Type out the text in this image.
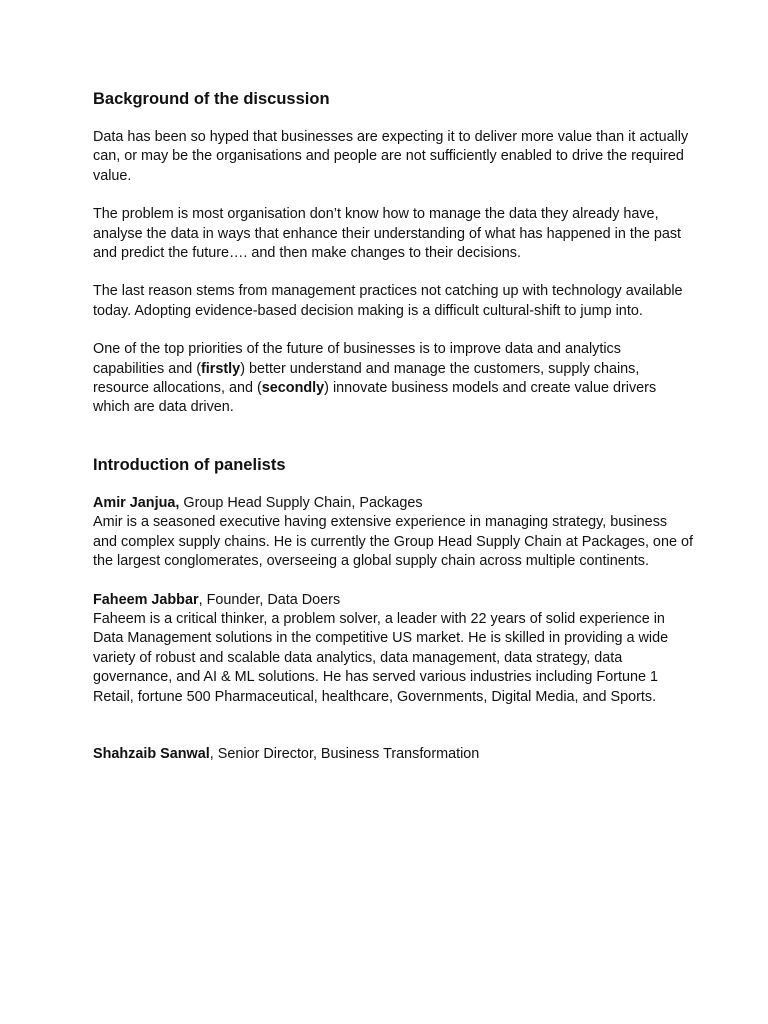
Background of the discussion

Data has been so hyped that businesses are expecting it to deliver more value than it actually can, or may be the organisations and people are not sufficiently enabled to drive the required value.

The problem is most organisation don’t know how to manage the data they already have, analyse the data in ways that enhance their understanding of what has happened in the past and predict the future…. and then make changes to their decisions.

The last reason stems from management practices not catching up with technology available today. Adopting evidence-based decision making is a difficult cultural-shift to jump into.

One of the top priorities of the future of businesses is to improve data and analytics capabilities and (firstly) better understand and manage the customers, supply chains, resource allocations, and (secondly) innovate business models and create value drivers which are data driven.

Introduction of panelists

Amir Janjua, Group Head Supply Chain, Packages

Amir is a seasoned executive having extensive experience in managing strategy, business and complex supply chains. He is currently the Group Head Supply Chain at Packages, one of the largest conglomerates, overseeing a global supply chain across multiple continents.

Faheem Jabbar, Founder, Data Doers

Faheem is a critical thinker, a problem solver, a leader with 22 years of solid experience in Data Management solutions in the competitive US market. He is skilled in providing a wide variety of robust and scalable data analytics, data management, data strategy, data governance, and AI & ML solutions. He has served various industries including Fortune 1 Retail, fortune 500 Pharmaceutical, healthcare, Governments, Digital Media, and Sports.

Shahzaib Sanwal, Senior Director, Business Transformation
